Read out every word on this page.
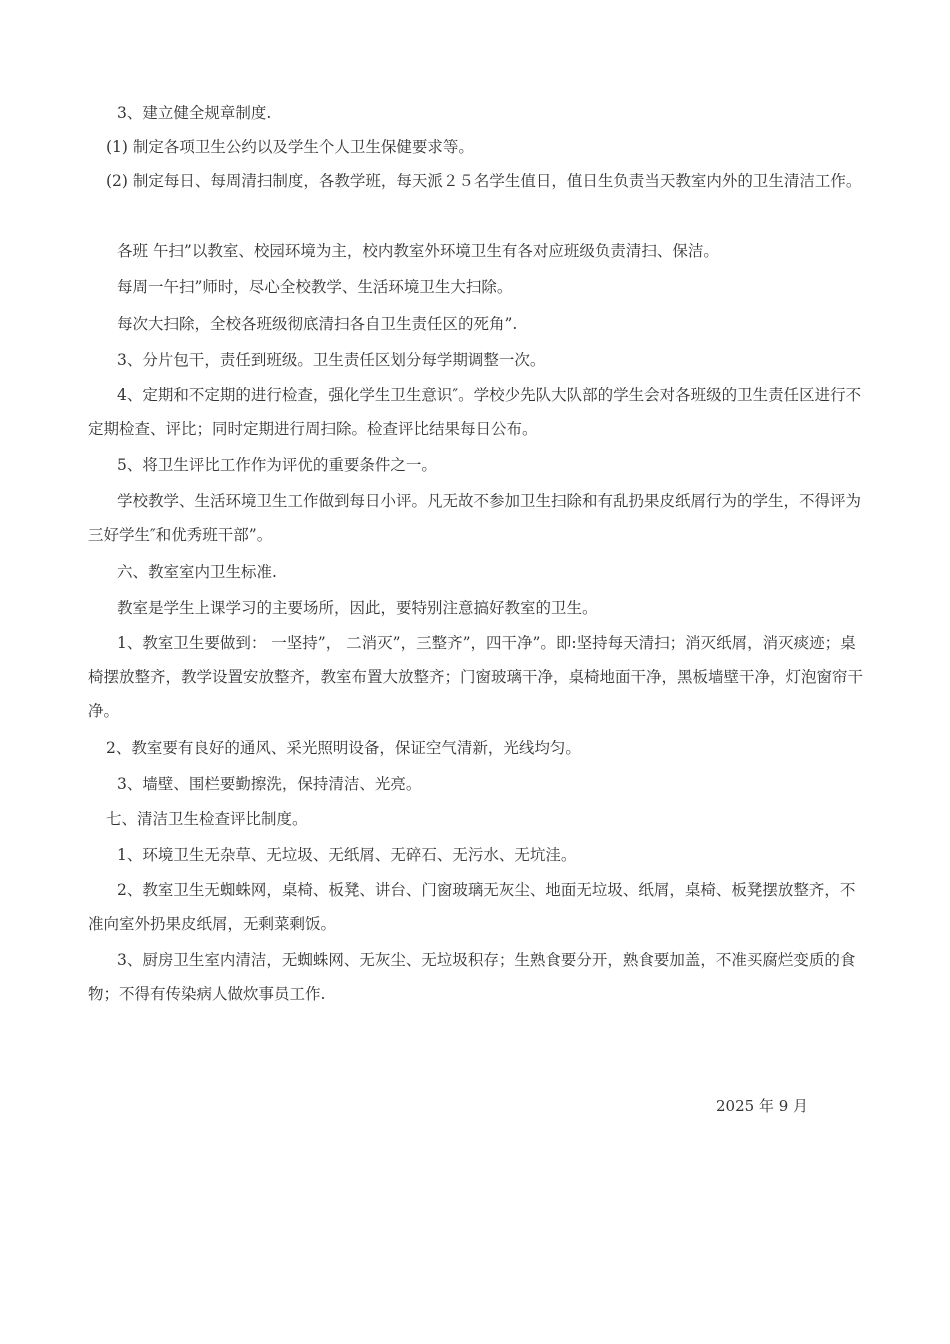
3、建立健全规章制度.

(1) 制定各项卫生公约以及学生个人卫生保健要求等。

(2) 制定每日、每周清扫制度，各教学班，每天派２５名学生值日，值日生负责当天教室内外的卫生清洁工作。

各班 午扫”以教室、校园环境为主，校内教室外环境卫生有各对应班级负责清扫、保洁。

每周一午扫”师时，尽心全校教学、生活环境卫生大扫除。

每次大扫除，全校各班级彻底清扫各自卫生责任区的死角”.

3、分片包干，责任到班级。卫生责任区划分每学期调整一次。

4、定期和不定期的进行检查，强化学生卫生意识″。学校少先队大队部的学生会对各班级的卫生责任区进行不定期检查、评比；同时定期进行周扫除。检查评比结果每日公布。

5、将卫生评比工作作为评优的重要条件之一。

学校教学、生活环境卫生工作做到每日小评。凡无故不参加卫生扫除和有乱扔果皮纸屑行为的学生，不得评为 三好学生″和优秀班干部”。

六、教室室内卫生标准.

教室是学生上课学习的主要场所，因此，要特别注意搞好教室的卫生。

1、教室卫生要做到： 一坚持”， 二消灭”，三整齐”，四干净”。即:坚持每天清扫；消灭纸屑，消灭痰迹；桌椅摆放整齐，教学设置安放整齐，教室布置大放整齐；门窗玻璃干净，桌椅地面干净，黑板墙壁干净，灯泡窗帘干净。

2、教室要有良好的通风、采光照明设备，保证空气清新，光线均匀。

3、墙壁、围栏要勤擦洗，保持清洁、光亮。

七、清洁卫生检查评比制度。

1、环境卫生无杂草、无垃圾、无纸屑、无碎石、无污水、无坑洼。

2、教室卫生无蜘蛛网，桌椅、板凳、讲台、门窗玻璃无灰尘、地面无垃圾、纸屑，桌椅、板凳摆放整齐，不准向室外扔果皮纸屑，无剩菜剩饭。

3、厨房卫生室内清洁，无蜘蛛网、无灰尘、无垃圾积存；生熟食要分开，熟食要加盖，不准买腐烂变质的食物；不得有传染病人做炊事员工作.

2025 年 9 月
